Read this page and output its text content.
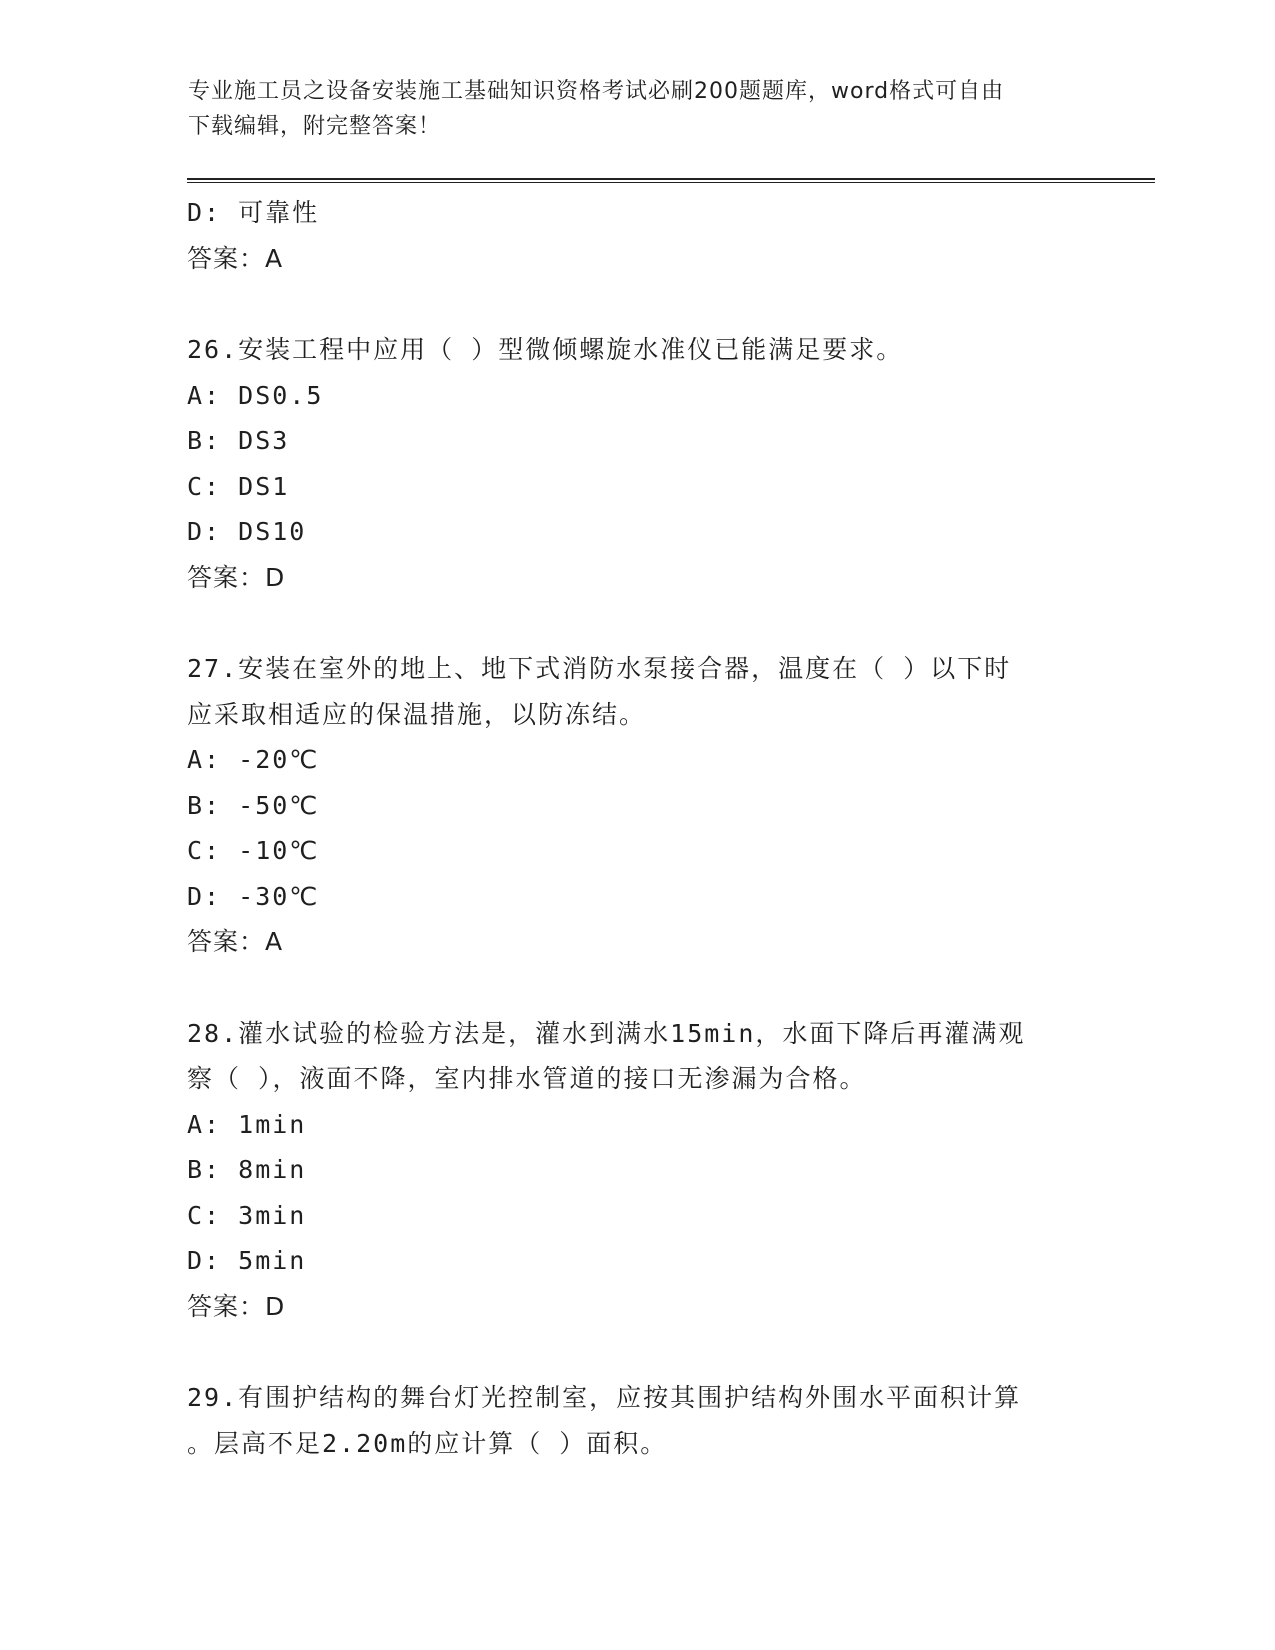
专业施工员之设备安装施工基础知识资格考试必刷200题题库，word格式可自由
下载编辑，附完整答案！
D: 可靠性
答案：A
26.安装工程中应用（ ）型微倾螺旋水准仪已能满足要求。
A: DS0.5
B: DS3
C: DS1
D: DS10
答案：D
27.安装在室外的地上、地下式消防水泵接合器，温度在（ ）以下时
应采取相适应的保温措施，以防冻结。
A: -20℃
B: -50℃
C: -10℃
D: -30℃
答案：A
28.灌水试验的检验方法是，灌水到满水15min，水面下降后再灌满观
察（ ），液面不降，室内排水管道的接口无渗漏为合格。
A: 1min
B: 8min
C: 3min
D: 5min
答案：D
29.有围护结构的舞台灯光控制室，应按其围护结构外围水平面积计算
。层高不足2.20m的应计算（ ）面积。
